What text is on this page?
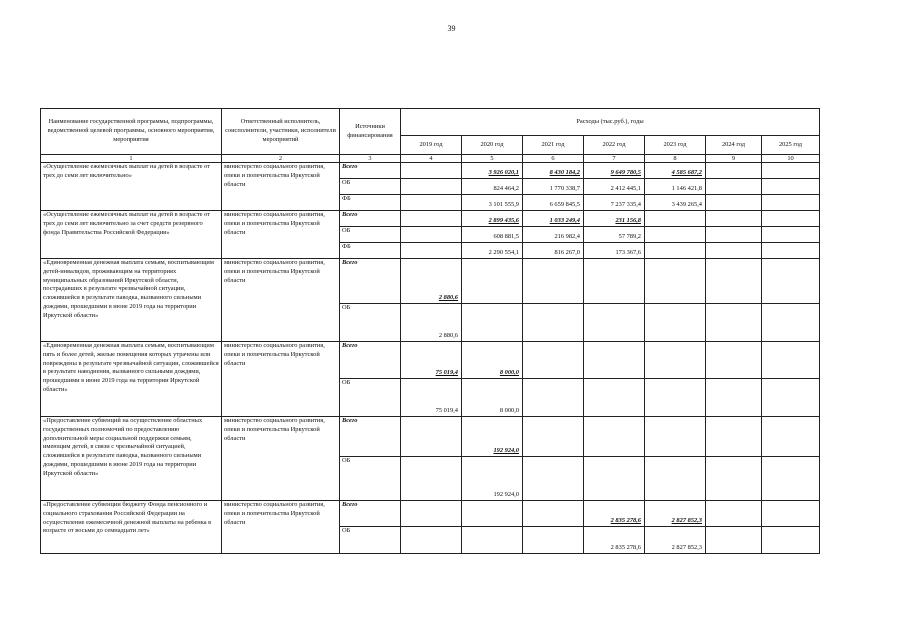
39
Наименование государственной программы, подпрограммы, ведомственной целевой программы, основного мероприятия, мероприятия	Ответственный исполнитель, соисполнители, участники, исполнители мероприятий	Источники финансирования	Расходы (тыс.руб.), годы						
			2019 год	2020 год	2021 год	2022 год	2023 год	2024 год	2025 год
1	2	3	4	5	6	7	8	9	10
«Осуществление ежемесячных выплат на детей в возрасте от трех до семи лет включительно»	министерство социального развития, опеки и попечительства Иркутской области	Всего		3 926 020,1	8 430 184,2	9 649 780,5	4 585 687,2		
		ОБ		824 464,2	1 770 338,7	2 412 445,1	1 146 421,8		
		ФБ		3 101 555,9	6 659 845,5	7 237 335,4	3 439 265,4		
«Осуществление ежемесячных выплат на детей в возрасте от трех до семи лет включительно за счет средств резервного фонда Правительства Российской Федерации»	министерство социального развития, опеки и попечительства Иркутской области	Всего		2 899 435,6	1 033 249,4	231 156,8			
		ОБ		608 881,5	216 982,4	57 789,2			
		ФБ		2 290 554,1	816 267,0	173 367,6			
«Единовременная денежная выплата семьям, воспитывающим детей-инвалидов, проживающим на территориях муниципальных образований Иркутской области, пострадавших в результате чрезвычайной ситуации, сложившейся в результате паводка, вызванного сильными дождями, прошедшими в июне 2019 года на территории Иркутской области»	министерство социального развития, опеки и попечительства Иркутской области	Всего	2 880,6						
		ОБ	2 880,6						
«Единовременная денежная выплата семьям, воспитывающим пять и более детей, жилые помещения которых утрачены или повреждены в результате чрезвычайной ситуации, сложившейся в результате наводнения, вызванного сильными дождями, прошедшими в июне 2019 года на территории Иркутской области»	министерство социального развития, опеки и попечительства Иркутской области	Всего	75 019,4	8 000,0					
		ОБ	75 019,4	8 000,0					
«Предоставление субвенций на осуществление областных государственных полномочий по предоставлению дополнительной меры социальной поддержки семьям, имеющим детей, в связи с чрезвычайной ситуацией, сложившейся в результате паводка, вызванного сильными дождями, прошедшими в июне 2019 года на территории Иркутской области»	министерство социального развития, опеки и попечительства Иркутской области	Всего		192 924,0					
		ОБ		192 924,0					
«Предоставление субвенции бюджету Фонда пенсионного и социального страхования Российской Федерации на осуществление ежемесячной денежной выплаты на ребенка в возрасте от восьми до семнадцати лет»	министерство социального развития, опеки и попечительства Иркутской области	Всего				2 835 278,6	2 827 852,3		
		ОБ				2 835 278,6	2 827 852,3		
